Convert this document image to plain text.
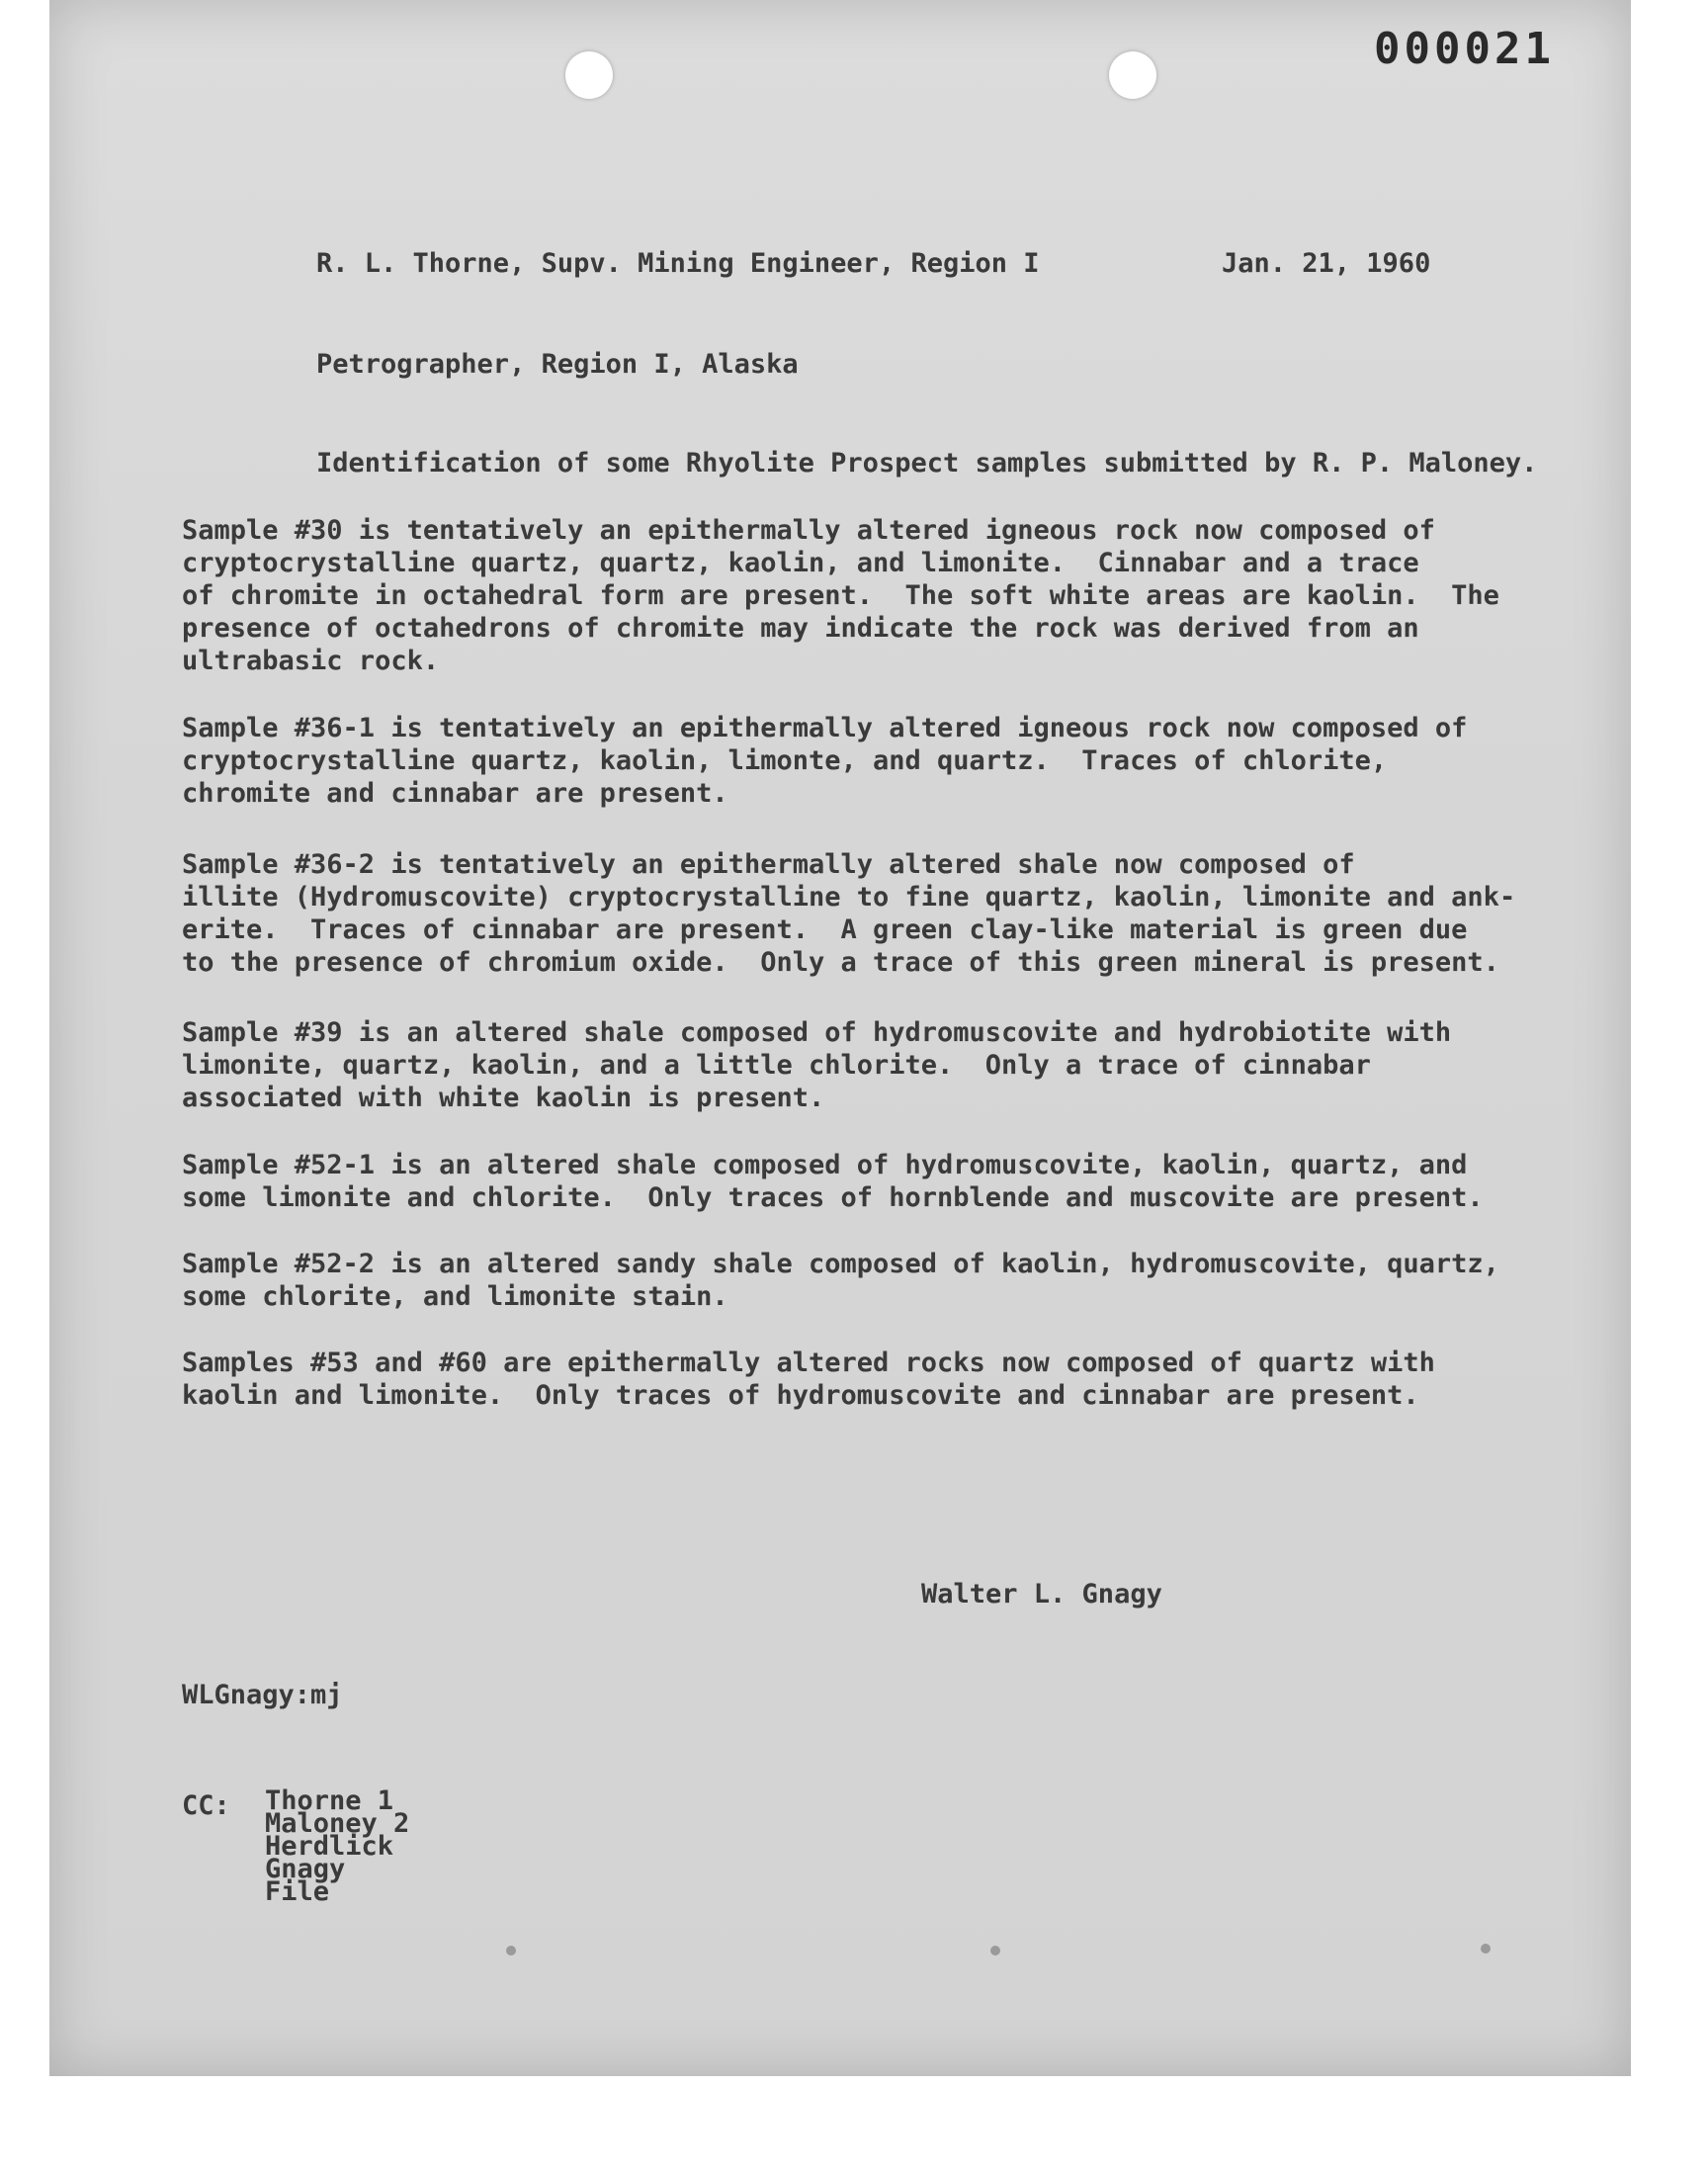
000021
R. L. Thorne, Supv. Mining Engineer, Region I	Jan. 21, 1960
Petrographer, Region I, Alaska
Identification of some Rhyolite Prospect samples submitted by R. P. Maloney.
Sample #30 is tentatively an epithermally altered igneous rock now composed of
cryptocrystalline quartz, quartz, kaolin, and limonite.  Cinnabar and a trace
of chromite in octahedral form are present.  The soft white areas are kaolin.  The
presence of octahedrons of chromite may indicate the rock was derived from an
ultrabasic rock.
Sample #36-1 is tentatively an epithermally altered igneous rock now composed of
cryptocrystalline quartz, kaolin, limonte, and quartz.  Traces of chlorite,
chromite and cinnabar are present.
Sample #36-2 is tentatively an epithermally altered shale now composed of
illite (Hydromuscovite) cryptocrystalline to fine quartz, kaolin, limonite and ank-
erite.  Traces of cinnabar are present.  A green clay-like material is green due
to the presence of chromium oxide.  Only a trace of this green mineral is present.
Sample #39 is an altered shale composed of hydromuscovite and hydrobiotite with
limonite, quartz, kaolin, and a little chlorite.  Only a trace of cinnabar
associated with white kaolin is present.
Sample #52-1 is an altered shale composed of hydromuscovite, kaolin, quartz, and
some limonite and chlorite.  Only traces of hornblende and muscovite are present.
Sample #52-2 is an altered sandy shale composed of kaolin, hydromuscovite, quartz,
some chlorite, and limonite stain.
Samples #53 and #60 are epithermally altered rocks now composed of quartz with
kaolin and limonite.  Only traces of hydromuscovite and cinnabar are present.
Walter L. Gnagy
WLGnagy:mj
CC: Thorne 1
Maloney 2
Herdlick
Gnagy
File
